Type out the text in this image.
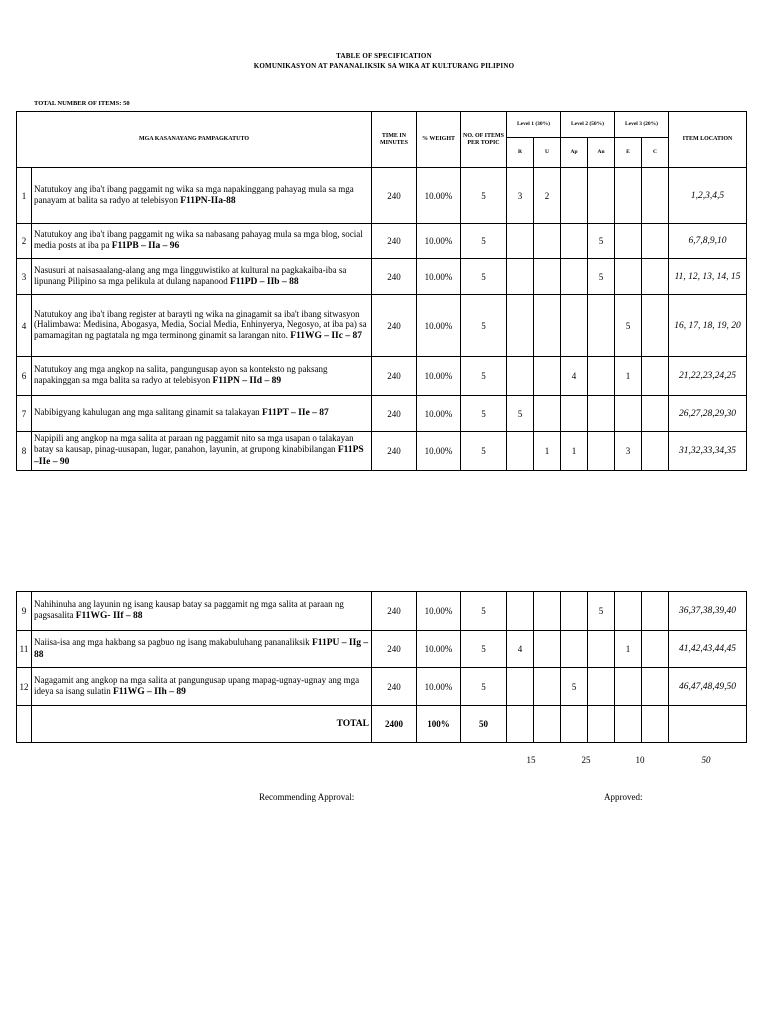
TABLE OF SPECIFICATION
KOMUNIKASYON AT PANANALIKSIK SA WIKA AT KULTURANG PILIPINO
TOTAL NUMBER OF ITEMS: 50
MGA KASANAYANG PAMPAGKATUTO		TIME IN MINUTES	% WEIGHT	NO. OF ITEMS PER TOPIC	Level 1 (30%)		Level 2 (50%)		Level 3 (20%)		ITEM LOCATION
					R	U	Ap	An	E	C	
1	Natutukoy ang iba't ibang paggamit ng wika sa mga napakinggang pahayag mula sa mga panayam at balita sa radyo at telebisyon F11PN-IIa-88	240	10.00%	5	3	2					1,2,3,4,5
2	Natutukoy ang iba't ibang paggamit ng wika sa nabasang pahayag mula sa mga blog, social media posts at iba pa F11PB – IIa – 96	240	10.00%	5				5			6,7,8,9,10
3	Nasusuri at naisasaalang-alang ang mga lingguwistiko at kultural na pagkakaiba-iba sa lipunang Pilipino sa mga pelikula at dulang napanood F11PD – IIb – 88	240	10.00%	5				5			11, 12, 13, 14, 15
4	Natutukoy ang iba't ibang register at barayti ng wika na ginagamit sa iba't ibang sitwasyon (Halimbawa: Medisina, Abogasya, Media, Social Media, Enhinyerya, Negosyo, at iba pa) sa pamamagitan ng pagtatala ng mga terminong ginamit sa larangan nito. F11WG – IIc – 87	240	10.00%	5					5		16, 17, 18, 19, 20
6	Natutukoy ang mga angkop na salita, pangungusap ayon sa konteksto ng paksang napakinggan sa mga balita sa radyo at telebisyon F11PN – IId – 89	240	10.00%	5			4		1		21,22,23,24,25
7	Nabibigyang kahulugan ang mga salitang ginamit sa talakayan F11PT – IIe – 87	240	10.00%	5	5						26,27,28,29,30
8	Napipili ang angkop na mga salita at paraan ng paggamit nito sa mga usapan o talakayan batay sa kausap, pinag-uusapan, lugar, panahon, layunin, at grupong kinabibilangan F11PS –IIe – 90	240	10.00%	5		1	1		3		31,32,33,34,35
9	Nahihinuha ang layunin ng isang kausap batay sa paggamit ng mga salita at paraan ng pagsasalita F11WG- IIf – 88	240	10.00%	5				5			36,37,38,39,40
11	Naiisa-isa ang mga hakbang sa pagbuo ng isang makabuluhang pananaliksik F11PU – IIg – 88	240	10.00%	5	4				1		41,42,43,44,45
12	Nagagamit ang angkop na mga salita at pangungusap upang mapag-ugnay-ugnay ang mga ideya sa isang sulatin F11WG – IIh – 89	240	10.00%	5			5				46,47,48,49,50
	TOTAL	2400	100%	50							
15	25	10	50
Recommending Approval:	Approved:
